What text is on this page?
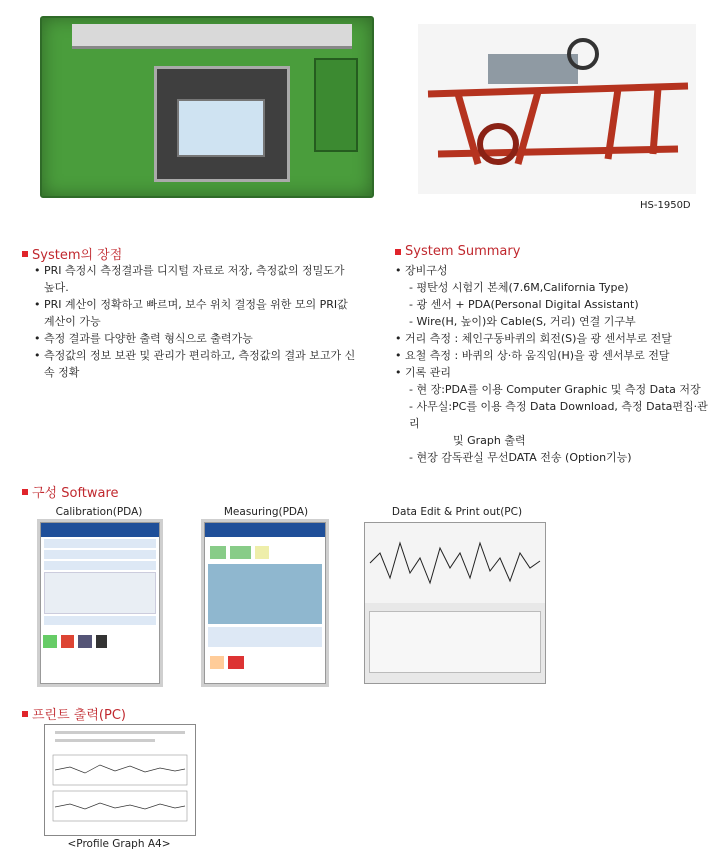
HS-1950D
System의 장점
• PRI 측정시 측정결과를 디지털 자료로 저장, 측정값의 정밀도가 높다.
• PRI 계산이 정확하고 빠르며, 보수 위치 결정을 위한 모의 PRI값 계산이 가능
• 측정 결과를 다양한 출력 형식으로 출력가능
• 측정값의 정보 보관 및 관리가 편리하고, 측정값의 결과 보고가 신속 정확
System Summary
• 장비구성
- 평탄성 시험기 본체(7.6M,California Type)
- 광 센서 + PDA(Personal Digital Assistant)
- Wire(H, 높이)와 Cable(S, 거리) 연결 기구부
• 거리 측정 : 체인구동바퀴의 회전(S)을 광 센서부로 전달
• 요철 측정 : 바퀴의 상·하 움직임(H)을 광 센서부로 전달
• 기록 관리
- 현 장:PDA를 이용 Computer Graphic 및 측정 Data 저장
- 사무실:PC를 이용 측정 Data Download, 측정 Data편집·관리
및 Graph 출력
- 현장 감독관실 무선DATA 전송 (Option기능)
구성 Software
Calibration(PDA)	Measuring(PDA)	Data Edit & Print out(PC)

프린트 출력(PC)
<Profile Graph A4>
